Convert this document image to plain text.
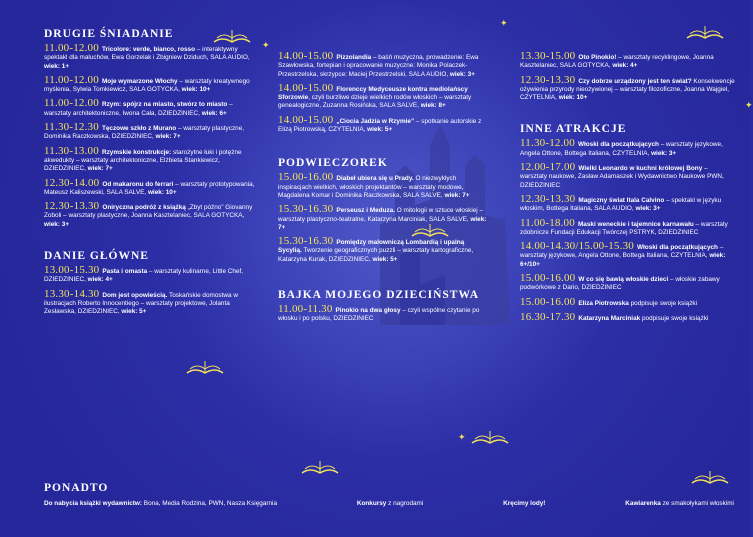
DRUGIE ŚNIADANIE
11.00-12.00 Tricolore: verde, bianco, rosso – interaktywny spektakl dla maluchów, Ewa Gorzelak i Zbigniew Dziduch, SALA AUDIO, wiek: 1+
11.00-12.00 Moje wymarzone Włochy – warsztaty kreatywnego myślenia, Sylwia Tomkiewicz, SALA GOTYCKA, wiek: 10+
11.00-12.00 Rzym: spójrz na miasto, stwórz to miasto – warsztaty architektoniczne, Iwona Cała, DZIEDZINIEC, wiek: 6+
11.30-12.30 Tęczowe szkło z Murano – warsztaty plastyczne, Dominika Raczkowska, DZIEDZINIEC, wiek: 7+
11.30-13.00 Rzymskie konstrukcje: starożytne łuki i potężne akwedukty – warsztaty architektoniczne, Elżbieta Stankiewicz, DZIEDZINIEC, wiek: 7+
12.30-14.00 Od makaronu do ferrari – warsztaty prototypowania, Mateusz Kaliszewski, SALA SALVE, wiek: 10+
12.30-13.30 Oniryczna podróż z książką „Zbyt późno” Giovanny Zoboli – warsztaty plastyczne, Joanna Kasztelaniec, SALA GOTYCKA, wiek: 3+
DANIE GŁÓWNE
13.00-15.30 Pasta i omasta – warsztaty kulinarne, Little Chef, DZIEDZINIEC, wiek: 4+
13.30-14.30 Dom jest opowieścią. Toskańskie domostwa w ilustracjach Roberto Innocentiego – warsztaty projektowe, Jolanta Zesławska, DZIEDZINIEC, wiek: 5+
14.00-15.00 Pizzolandia – baśń muzyczna, prowadzenie: Ewa Szawłowska, fortepian i opracowanie muzyczne: Monika Polaczek-Przestrzelska, skrzypce: Maciej Przestrzelski, SALA AUDIO, wiek: 3+
14.00-15.00 Florenccy Medyceusze kontra mediolańscy Sforzowie, czyli burzliwe dzieje wielkich rodów włoskich – warsztaty genealogiczne, Zuzanna Rosińska, SALA SALVE, wiek: 8+
14.00-15.00 „Ciocia Jadzia w Rzymie” – spotkanie autorskie z Elizą Piotrowską, CZYTELNIA, wiek: 5+
PODWIECZOREK
15.00-16.00 Diabeł ubiera się u Prady. O niezwykłych inspiracjach wielkich, włoskich projektantów – warsztaty modowe, Magdalena Komar i Dominika Raczkowska, SALA SALVE, wiek: 7+
15.30-16.30 Perseusz i Meduza. O mitologii w sztuce włoskiej – warsztaty plastyczno-teatralne, Katarzyna Marciniak, SALA SALVE, wiek: 7+
15.30-16.30 Pomiędzy malowniczą Lombardią i upalną Sycylią. Tworzenie geograficznych puzzli – warsztaty kartograficzne, Katarzyna Kurak, DZIEDZINIEC, wiek: 5+
BAJKA MOJEGO DZIECIŃSTWA
11.00-11.30 Pinokio na dwa głosy – czyli wspólne czytanie po włosku i po polsku, DZIEDZINIEC
13.30-15.00 Oto Pinokio! – warsztaty recyklingowe, Joanna Kasztelaniec, SALA GOTYCKA, wiek: 4+
12.30-13.30 Czy dobrze urządzony jest ten świat? Konsekwencje ożywienia przyrody nieożywionej – warsztaty filozoficzne, Joanna Wajgiel, CZYTELNIA, wiek: 10+
INNE ATRAKCJE
11.30-12.00 Włoski dla początkujących – warsztaty językowe, Angela Ottone, Bottega Italiana, CZYTELNIA, wiek: 3+
12.00-17.00 Wielki Leonardo w kuchni królowej Bony – warsztaty naukowe, Zasław Adamaszek i Wydawnictwo Naukowe PWN, DZIEDZINIEC
12.30-13.30 Magiczny świat Itala Calvino – spektakl w języku włoskim, Bottega Italiana, SALA AUDIO, wiek: 3+
11.00-18.00 Maski weneckie i tajemnice karnawału – warsztaty zdobnicze Fundacji Edukacji Twórczej PSTRYK, DZIEDZINIEC
14.00-14.30/15.00-15.30 Włoski dla początkujących – warsztaty językowe, Angela Ottone, Bottega Italiana, CZYTELNIA, wiek: 6+/10+
15.00-16.00 W co się bawią włoskie dzieci – włoskie zabawy podwórkowe z Dario, DZIEDZINIEC
15.00-16.00 Eliza Piotrowska podpisuje swoje książki
16.30-17.30 Katarzyna Marciniak podpisuje swoje książki
✦
✦
✦
✦
PONADTO
Do nabycia książki wydawnictw: Bona, Media Rodzina, PWN, Nasza Księgarnia	Konkursy z nagrodami	Kręcimy lody!	Kawiarenka ze smakołykami włoskimi
